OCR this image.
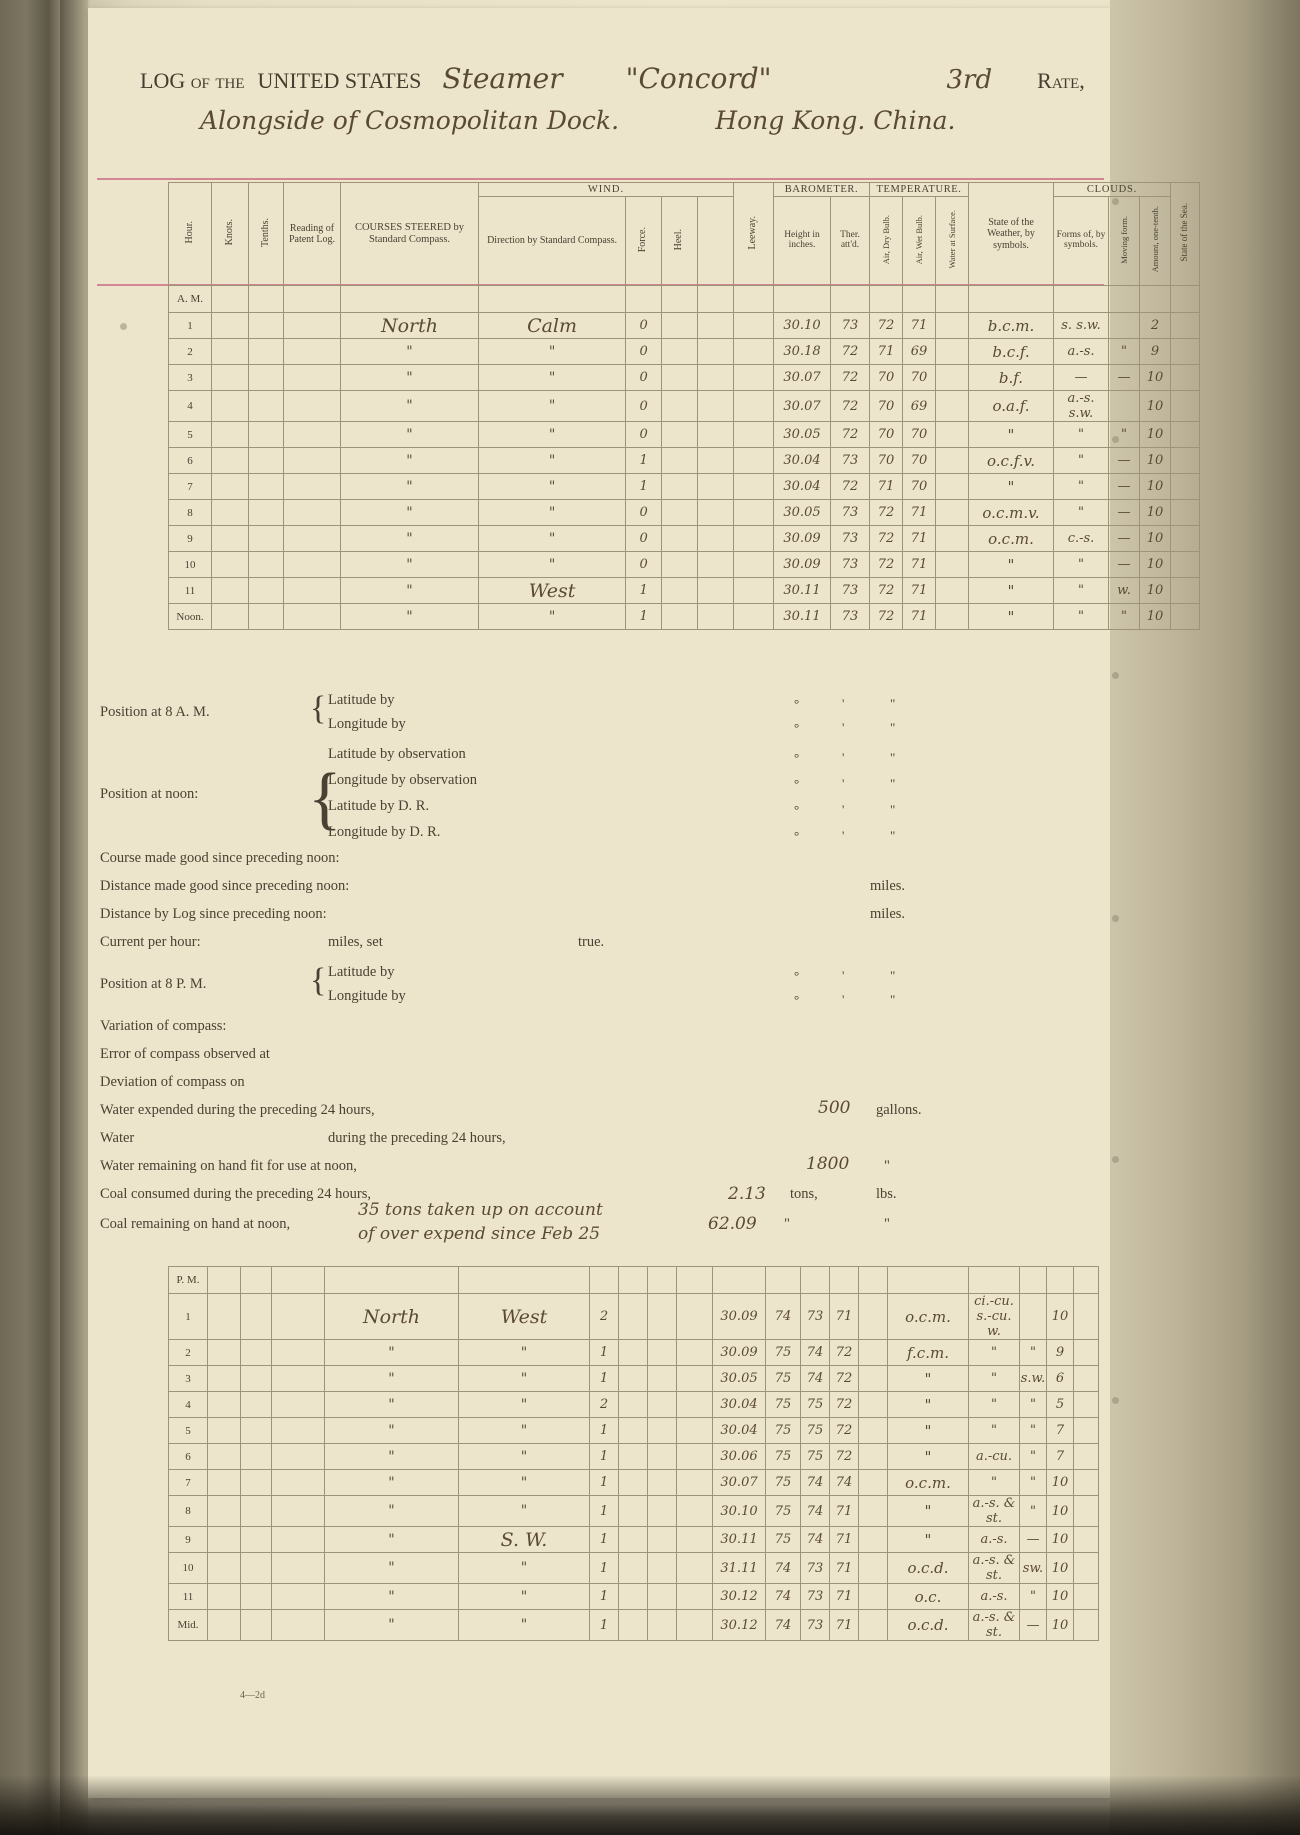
LOG of the UNITED STATES Steamer "Concord"	3rd Rate,
Alongside of Cosmopolitan Dock.	Hong Kong. China.
Hour.	Knots.	Tenths.	Reading of Patent Log.	COURSES STEERED by Standard Compass.	WIND.				Leeway.	BAROMETER.		TEMPERATURE.			State of the Weather, by symbols.	CLOUDS.			State of the Sea.

					Direction by Standard Compass.	Force.	Heel.			Height in inches.	Ther. att'd.	Air, Dry Bulb.	Air, Wet Bulb.	Water at Surface.		Forms of, by symbols.	Moving form.	Amount, one-tenth.	

A. M.																			
1				North	Calm	0				30.10	73	72	71		b.c.m.	s. s.w.		2	
2				"	"	0				30.18	72	71	69		b.c.f.	a.-s.	"	9	
3				"	"	0				30.07	72	70	70		b.f.	—	—	10	
4				"	"	0				30.07	72	70	69		o.a.f.	a.-s. s.w.		10	
5				"	"	0				30.05	72	70	70		"	"	"	10	
6				"	"	1				30.04	73	70	70		o.c.f.v.	"	—	10	
7				"	"	1				30.04	72	71	70		"	"	—	10	
8				"	"	0				30.05	73	72	71		o.c.m.v.	"	—	10	
9				"	"	0				30.09	73	72	71		o.c.m.	c.-s.	—	10	
10				"	"	0				30.09	73	72	71		"	"	—	10	
11				"	West	1				30.11	73	72	71		"	"	w.	10	
Noon.				"	"	1				30.11	73	72	71		"	"	"	10	
Position at 8 A. M.	{ Latitude by
Longitude by
°	'	"
°	'	"
Position at noon: {
Latitude by observation
Longitude by observation
Latitude by D. R.
Longitude by D. R.
°	'	"
°	'	"
°	'	"
°	'	"
Course made good since preceding noon:
Distance made good since preceding noon:	miles.
Distance by Log since preceding noon:	miles.
Current per hour:	miles, set	true.
Position at 8 P. M.	{ Latitude by
Longitude by
°	'	"
°	'	"
Variation of compass:
Error of compass observed at
Deviation of compass on
Water expended during the preceding 24 hours,	500 gallons.
Water	during the preceding 24 hours,
Water remaining on hand fit for use at noon,	1800 "
Coal consumed during the preceding 24 hours,	2.13 tons,	lbs.
Coal remaining on hand at noon,
35 tons taken up on account
of over expend since Feb 25	62.09 "	"
P. M.																			
1				North	West	2				30.09	74	73	71		o.c.m.	ci.-cu. s.-cu. w.		10	
2				"	"	1				30.09	75	74	72		f.c.m.	"	"	9	
3				"	"	1				30.05	75	74	72		"	"	s.w.	6	
4				"	"	2				30.04	75	75	72		"	"	"	5	
5				"	"	1				30.04	75	75	72		"	"	"	7	
6				"	"	1				30.06	75	75	72		"	a.-cu.	"	7	
7				"	"	1				30.07	75	74	74		o.c.m.	"	"	10	
8				"	"	1				30.10	75	74	71		"	a.-s. & st.	"	10	
9				"	S. W.	1				30.11	75	74	71		"	a.-s.	—	10	
10				"	"	1				31.11	74	73	71		o.c.d.	a.-s. & st.	sw.	10	
11				"	"	1				30.12	74	73	71		o.c.	a.-s.	"	10	
Mid.				"	"	1				30.12	74	73	71		o.c.d.	a.-s. & st.	—	10	
4—2d
